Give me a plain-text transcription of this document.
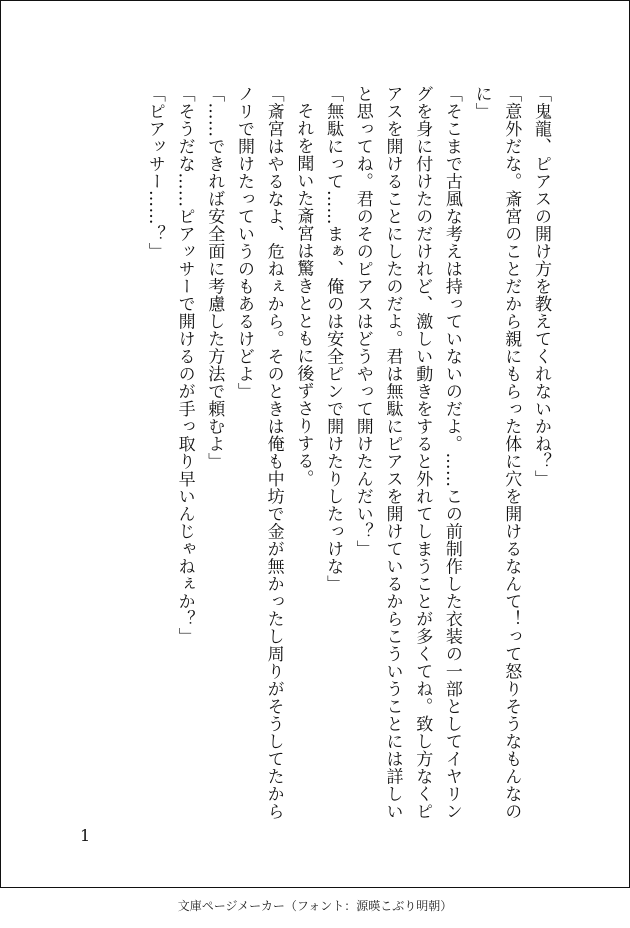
「鬼龍、ピアスの開け方を教えてくれないかね？」

「意外だな。斎宮のことだから親にもらった体に穴を開けるなんて！って怒りそうなもんなのに」

「そこまで古風な考えは持っていないのだよ。……この前制作した衣装の一部としてイヤリングを身に付けたのだけれど、激しい動きをすると外れてしまうことが多くてね。致し方なくピアスを開けることにしたのだよ。君は無駄にピアスを開けているからこういうことには詳しいと思ってね。君のそのピアスはどうやって開けたんだい？」

「無駄にって……まぁ、俺のは安全ピンで開けたりしたっけな」

それを聞いた斎宮は驚きとともに後ずさりする。

「斎宮はやるなよ、危ねぇから。そのときは俺も中坊で金が無かったし周りがそうしてたからノリで開けたっていうのもあるけどよ」

「……できれば安全面に考慮した方法で頼むよ」

「そうだな……ピアッサーで開けるのが手っ取り早いんじゃねぇか？」

「ピアッサー……？」

1
文庫ページメーカー（フォント：源暎こぶり明朝）
